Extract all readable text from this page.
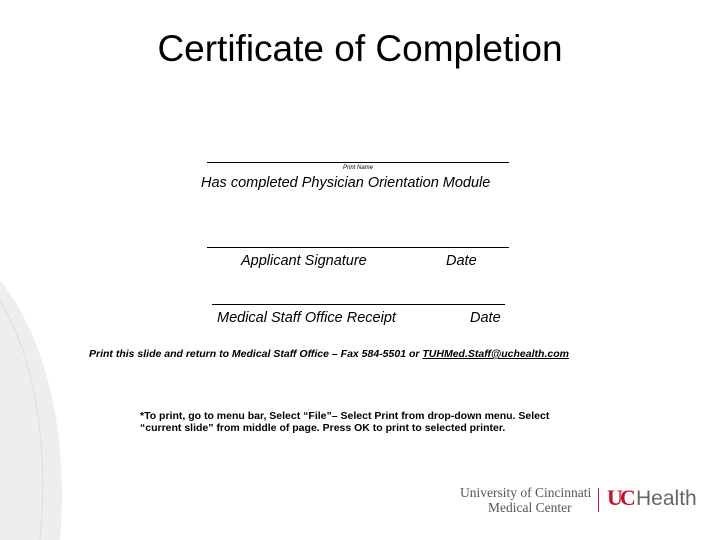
Certificate of Completion
Print Name
Has completed Physician Orientation Module
Applicant Signature	Date
Medical Staff Office Receipt	Date
Print this slide and return to Medical Staff Office – Fax 584-5501 or TUHMed.Staff@uchealth.com
*To print, go to menu bar, Select “File”– Select Print from drop-down menu. Select
“current slide” from middle of page. Press OK to print to selected printer.
University of Cincinnati
Medical Center UC Health
